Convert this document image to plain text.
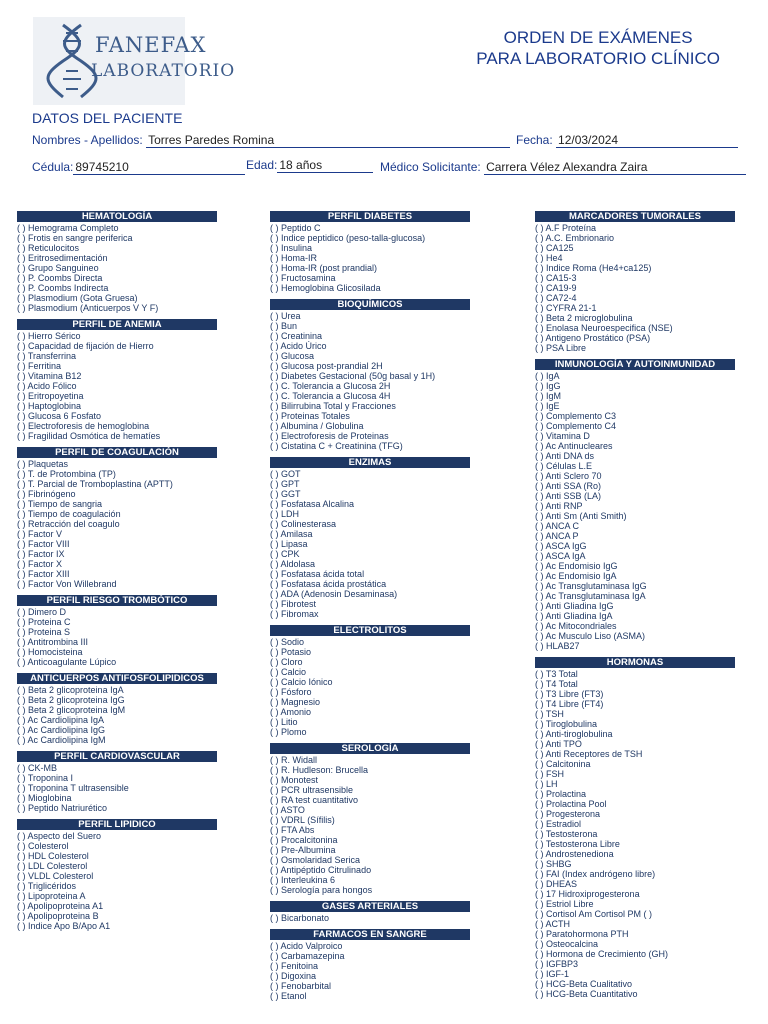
FANEFAX
LABORATORIO
ORDEN DE EXÁMENES
PARA LABORATORIO CLÍNICO
DATOS DEL PACIENTE
Nombres - Apellidos: Torres Paredes Romina	Fecha: 12/03/2024
Cédula: 89745210	Edad: 18 años	Médico Solicitante: Carrera Vélez Alexandra Zaira
HEMATOLOGÍA
( ) Hemograma Completo
( ) Frotis en sangre periferica
( ) Reticulocitos
( ) Eritrosedimentación
( ) Grupo Sanguineo
( ) P. Coombs Directa
( ) P. Coombs Indirecta
( ) Plasmodium (Gota Gruesa)
( ) Plasmodium (Anticuerpos V Y F)
PERFIL DE ANEMIA
( ) Hierro Sérico
( ) Capacidad de fijación de Hierro
( ) Transferrina
( ) Ferritina
( ) Vitamina B12
( ) Acido Fólico
( ) Eritropoyetina
( ) Haptoglobina
( ) Glucosa 6 Fosfato
( ) Electroforesis de hemoglobina
( ) Fragilidad Osmótica de hematíes
PERFIL DE COAGULACIÓN
( ) Plaquetas
( ) T. de Protombina (TP)
( ) T. Parcial de Tromboplastina (APTT)
( ) Fibrinógeno
( ) Tiempo de sangria
( ) Tiempo de coagulación
( ) Retracción del coagulo
( ) Factor V
( ) Factor VIII
( ) Factor IX
( ) Factor X
( ) Factor XIII
( ) Factor Von Willebrand
PERFIL RIESGO TROMBÓTICO
( ) Dimero D
( ) Proteina C
( ) Proteina S
( ) Antitrombina III
( ) Homocisteina
( ) Anticoagulante Lúpico
ANTICUERPOS ANTIFOSFOLIPIDICOS
( ) Beta 2 glicoproteina IgA
( ) Beta 2 glicoproteina IgG
( ) Beta 2 glicoproteina IgM
( ) Ac Cardiolipina IgA
( ) Ac Cardiolipina IgG
( ) Ac Cardiolipina IgM
PERFIL CARDIOVASCULAR
( ) CK-MB
( ) Troponina I
( ) Troponina T ultrasensible
( ) Mioglobina
( ) Peptido Natriurético
PERFIL LIPIDICO
( ) Aspecto del Suero
( ) Colesterol
( ) HDL Colesterol
( ) LDL Colesterol
( ) VLDL Colesterol
( ) Triglicéridos
( ) Lipoproteina A
( ) Apolipoproteina A1
( ) Apolipoproteina B
( ) Indice Apo B/Apo A1
PERFIL DIABETES
( ) Peptido C
( ) Indice peptidico (peso-talla-glucosa)
( ) Insulina
( ) Homa-IR
( ) Homa-IR (post prandial)
( ) Fructosamina
( ) Hemoglobina Glicosilada
BIOQUÍMICOS
( ) Urea
( ) Bun
( ) Creatinina
( ) Acido Úrico
( ) Glucosa
( ) Glucosa post-prandial 2H
( ) Diabetes Gestacional (50g basal y 1H)
( ) C. Tolerancia a Glucosa 2H
( ) C. Tolerancia a Glucosa 4H
( ) Bilirrubina Total y Fracciones
( ) Proteinas Totales
( ) Albumina / Globulina
( ) Electroforesis de Proteinas
( ) Cistatina C + Creatinina (TFG)
ENZIMAS
( ) GOT
( ) GPT
( ) GGT
( ) Fosfatasa Alcalina
( ) LDH
( ) Colinesterasa
( ) Amilasa
( ) Lipasa
( ) CPK
( ) Aldolasa
( ) Fosfatasa ácida total
( ) Fosfatasa ácida prostática
( ) ADA (Adenosin Desaminasa)
( ) Fibrotest
( ) Fibromax
ELECTROLITOS
( ) Sodio
( ) Potasio
( ) Cloro
( ) Calcio
( ) Calcio Iónico
( ) Fósforo
( ) Magnesio
( ) Amonio
( ) Litio
( ) Plomo
SEROLOGÍA
( ) R. Widall
( ) R. Hudleson: Brucella
( ) Monotest
( ) PCR ultrasensible
( ) RA test cuantitativo
( ) ASTO
( ) VDRL (Sífilis)
( ) FTA Abs
( ) Procalcitonina
( ) Pre-Albumina
( ) Osmolaridad Serica
( ) Antipéptido Citrulinado
( ) Interleukina 6
( ) Serología para hongos
GASES ARTERIALES
( ) Bicarbonato
FARMACOS EN SANGRE
( ) Acido Valproico
( ) Carbamazepina
( ) Fenitoina
( ) Digoxina
( ) Fenobarbital
( ) Etanol
MARCADORES TUMORALES
( ) A.F Proteína
( ) A.C. Embrionario
( ) CA125
( ) He4
( ) Indice Roma (He4+ca125)
( ) CA15-3
( ) CA19-9
( ) CA72-4
( ) CYFRA 21-1
( ) Beta 2 microglobulina
( ) Enolasa Neuroespecifica (NSE)
( ) Antigeno Prostático (PSA)
( ) PSA Libre
INMUNOLOGÍA Y AUTOINMUNIDAD
( ) IgA
( ) IgG
( ) IgM
( ) IgE
( ) Complemento C3
( ) Complemento C4
( ) Vitamina D
( ) Ac Antinucleares
( ) Anti DNA ds
( ) Células L.E
( ) Anti Sclero 70
( ) Anti SSA (Ro)
( ) Anti SSB (LA)
( ) Anti RNP
( ) Anti Sm (Anti Smith)
( ) ANCA C
( ) ANCA P
( ) ASCA IgG
( ) ASCA IgA
( ) Ac Endomisio IgG
( ) Ac Endomisio IgA
( ) Ac Transglutaminasa IgG
( ) Ac Transglutaminasa IgA
( ) Anti Gliadina IgG
( ) Anti Gliadina IgA
( ) Ac Mitocondriales
( ) Ac Musculo Liso (ASMA)
( ) HLAB27
HORMONAS
( ) T3 Total
( ) T4 Total
( ) T3 Libre (FT3)
( ) T4 Libre (FT4)
( ) TSH
( ) Tiroglobulina
( ) Anti-tiroglobulina
( ) Anti TPO
( ) Anti Receptores de TSH
( ) Calcitonina
( ) FSH
( ) LH
( ) Prolactina
( ) Prolactina Pool
( ) Progesterona
( ) Estradiol
( ) Testosterona
( ) Testosterona Libre
( ) Androstenediona
( ) SHBG
( ) FAI (Index andrógeno libre)
( ) DHEAS
( ) 17 Hidroxiprogesterona
( ) Estriol Libre
( ) Cortisol Am Cortisol PM ( )
( ) ACTH
( ) Paratohormona PTH
( ) Osteocalcina
( ) Hormona de Crecimiento (GH)
( ) IGFBP3
( ) IGF-1
( ) HCG-Beta Cualitativo
( ) HCG-Beta Cuantitativo
